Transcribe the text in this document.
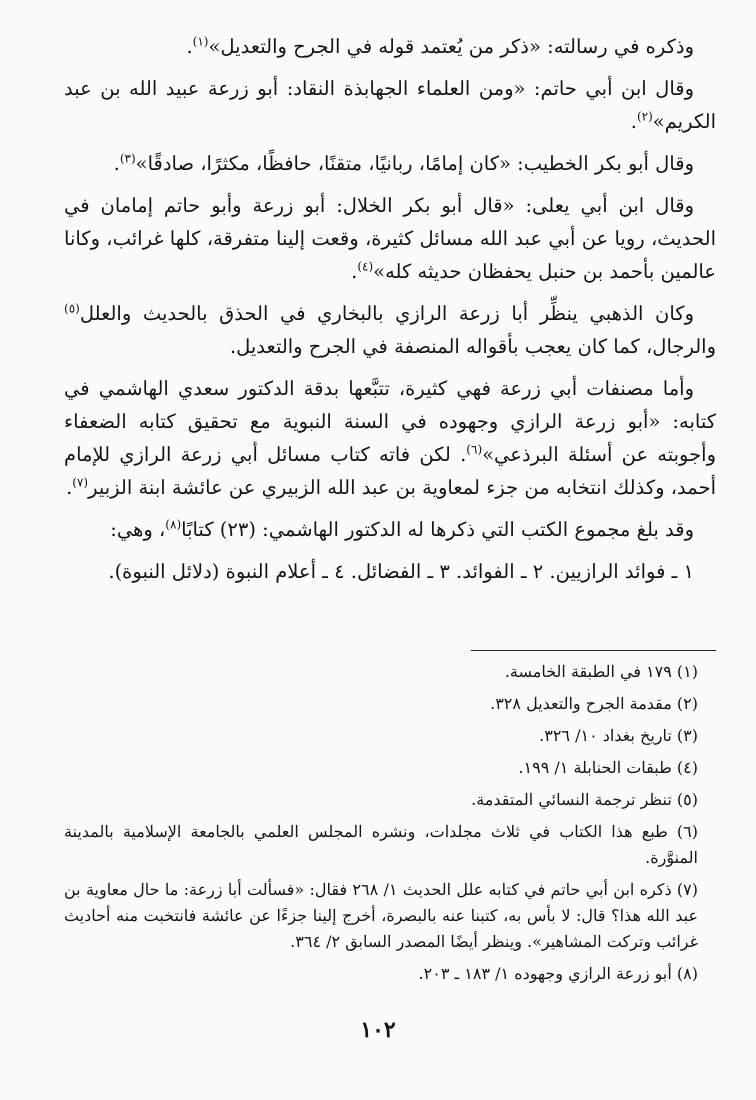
وذكره في رسالته: «ذكر من يُعتمد قوله في الجرح والتعديل»$^{(١)}$.

وقال ابن أبي حاتم: «ومن العلماء الجهابذة النقاد: أبو زرعة عبيد الله بن عبد الكريم»$^{(٢)}$.

وقال أبو بكر الخطيب: «كان إمامًا، ربانيًا، متقنًا، حافظًا، مكثرًا، صادقًا»$^{(٣)}$.

وقال ابن أبي يعلى: «قال أبو بكر الخلال: أبو زرعة وأبو حاتم إمامان في الحديث، رويا عن أبي عبد الله مسائل كثيرة، وقعت إلينا متفرقة، كلها غرائب، وكانا عالمين بأحمد بن حنبل يحفظان حديثه كله»$^{(٤)}$.

وكان الذهبي ينظِّر أبا زرعة الرازي بالبخاري في الحذق بالحديث والعلل$^{(٥)}$ والرجال، كما كان يعجب بأقواله المنصفة في الجرح والتعديل.

وأما مصنفات أبي زرعة فهي كثيرة، تتبَّعها بدقة الدكتور سعدي الهاشمي في كتابه: «أبو زرعة الرازي وجهوده في السنة النبوية مع تحقيق كتابه الضعفاء وأجوبته عن أسئلة البرذعي»$^{(٦)}$. لكن فاته كتاب مسائل أبي زرعة الرازي للإمام أحمد، وكذلك انتخابه من جزء لمعاوية بن عبد الله الزبيري عن عائشة ابنة الزبير$^{(٧)}$.

وقد بلغ مجموع الكتب التي ذكرها له الدكتور الهاشمي: (٢٣) كتابًا$^{(٨)}$، وهي:

١ ـ فوائد الرازيين. ٢ ـ الفوائد. ٣ ـ الفضائل. ٤ ـ أعلام النبوة (دلائل النبوة).

(١) ١٧٩ في الطبقة الخامسة.

(٢) مقدمة الجرح والتعديل ٣٢٨.

(٣) تاريخ بغداد ١٠/ ٣٢٦.

(٤) طبقات الحنابلة ١/ ١٩٩.

(٥) تنظر ترجمة النسائي المتقدمة.

(٦) طبع هذا الكتاب في ثلاث مجلدات، ونشره المجلس العلمي بالجامعة الإسلامية بالمدينة المنوَّرة.

(٧) ذكره ابن أبي حاتم في كتابه علل الحديث ١/ ٢٦٨ فقال: «فسألت أبا زرعة: ما حال معاوية بن عبد الله هذا؟ قال: لا بأس به، كتبنا عنه بالبصرة، أخرج إلينا جزءًا عن عائشة فانتخبت منه أحاديث غرائب وتركت المشاهير». وينظر أيضًا المصدر السابق ٢/ ٣٦٤.

(٨) أبو زرعة الرازي وجهوده ١/ ١٨٣ ـ ٢٠٣.

١٠٢
